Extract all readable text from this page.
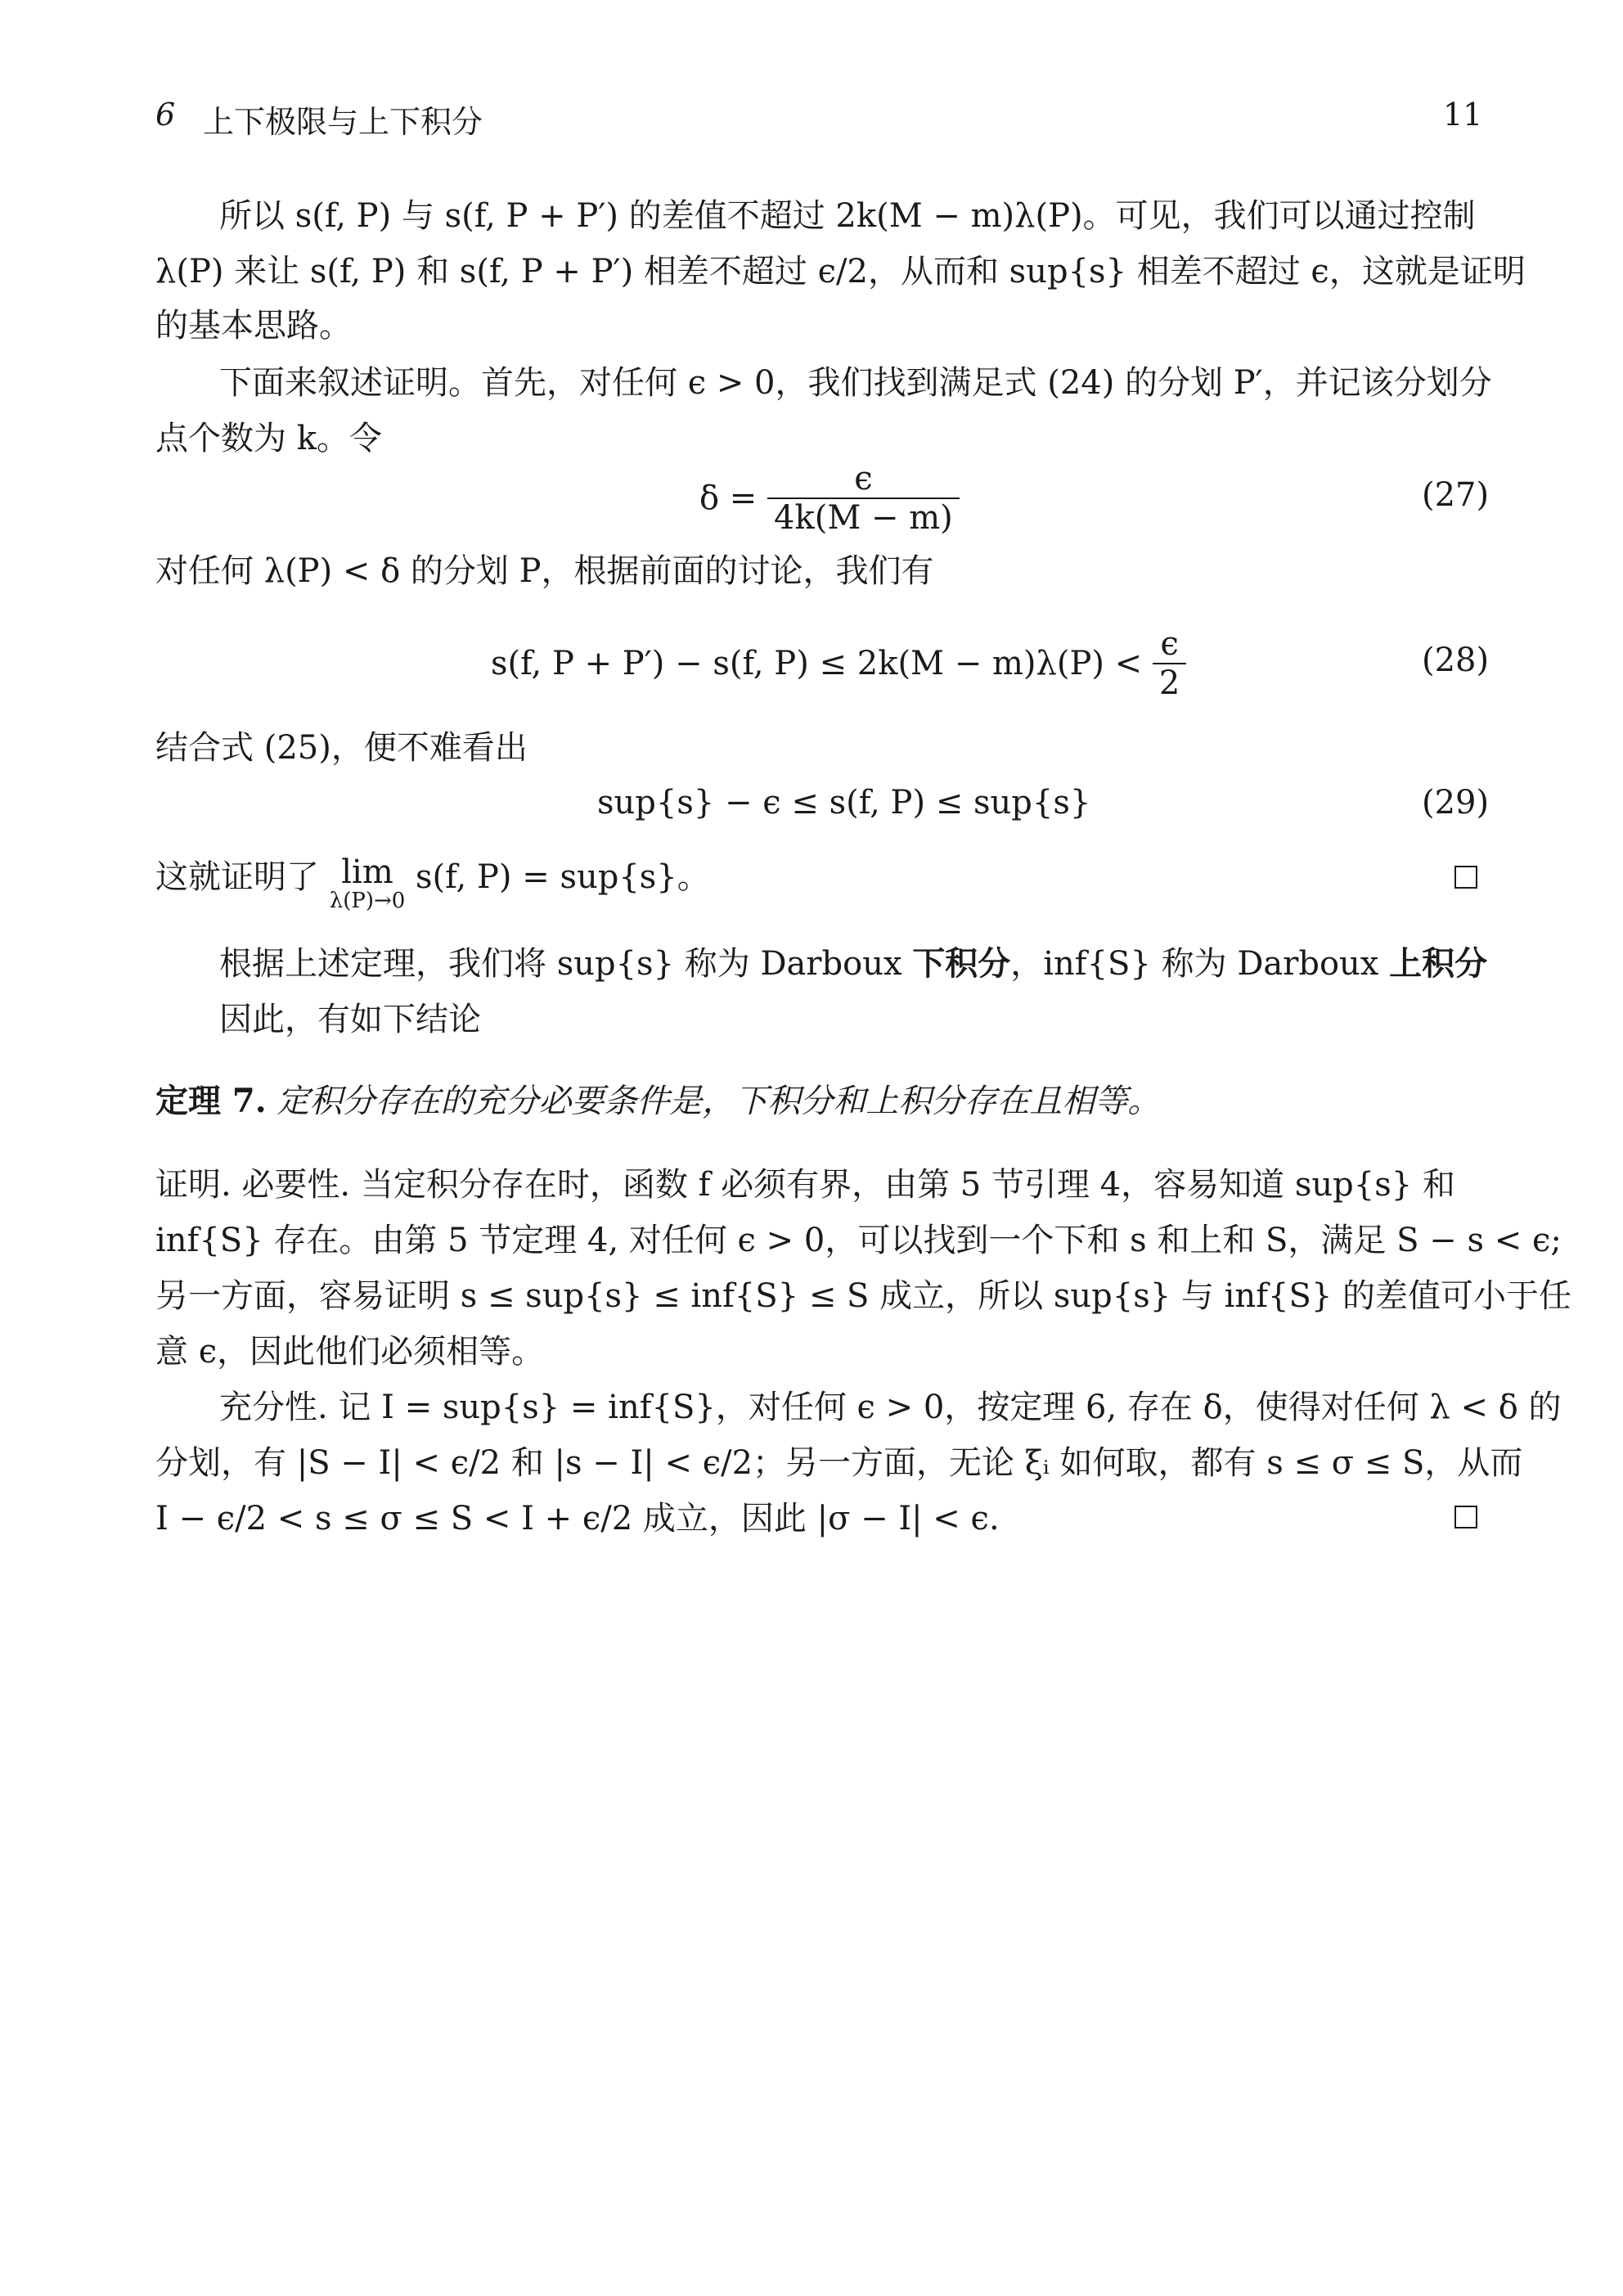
6 上下极限与上下积分	11
所以 s(f, P) 与 s(f, P + P′) 的差值不超过 2k(M − m)λ(P)。可见，我们可以通过控制
λ(P) 来让 s(f, P) 和 s(f, P + P′) 相差不超过 ϵ/2，从而和 sup{s} 相差不超过 ϵ，这就是证明
的基本思路。
下面来叙述证明。首先，对任何 ϵ > 0，我们找到满足式 (24) 的分划 P′，并记该分划分
点个数为 k。令
$\delta = \frac{\epsilon}{4k(M - m)}$	(27)
对任何 λ(P) < δ 的分划 P，根据前面的讨论，我们有
s(f, P + P′) − s(f, $P) \le 2k(M - m)\lambda(P) < \frac{\epsilon}{2}$	(28)
结合式 (25)，便不难看出
sup{s} − ϵ ≤ s(f, P) ≤ sup{s}	(29)
这就证明了 lim
λ(P)→0
s(f, P) = sup{s}。
根据上述定理，我们将 sup{s} 称为 Darboux 下积分，inf{S} 称为 Darboux 上积分
因此，有如下结论
定理 7. 定积分存在的充分必要条件是，下积分和上积分存在且相等。
证明. 必要性. 当定积分存在时，函数 f 必须有界，由第 5 节引理 4，容易知道 sup{s} 和
inf{S} 存在。由第 5 节定理 4, 对任何 ϵ > 0，可以找到一个下和 s 和上和 S，满足 S − s < ϵ;
另一方面，容易证明 s ≤ sup{s} ≤ inf{S} ≤ S 成立，所以 sup{s} 与 inf{S} 的差值可小于任
意 ϵ，因此他们必须相等。
充分性. 记 I = sup{s} = inf{S}，对任何 ϵ > 0，按定理 6, 存在 δ，使得对任何 λ < δ 的
分划，有 |S − I| < ϵ/2 和 |s − I| < ϵ/2；另一方面，无论 ξᵢ 如何取，都有 s ≤ σ ≤ S，从而
I − ϵ/2 < s ≤ σ ≤ S < I + ϵ/2 成立，因此 |σ − I| < ϵ.
